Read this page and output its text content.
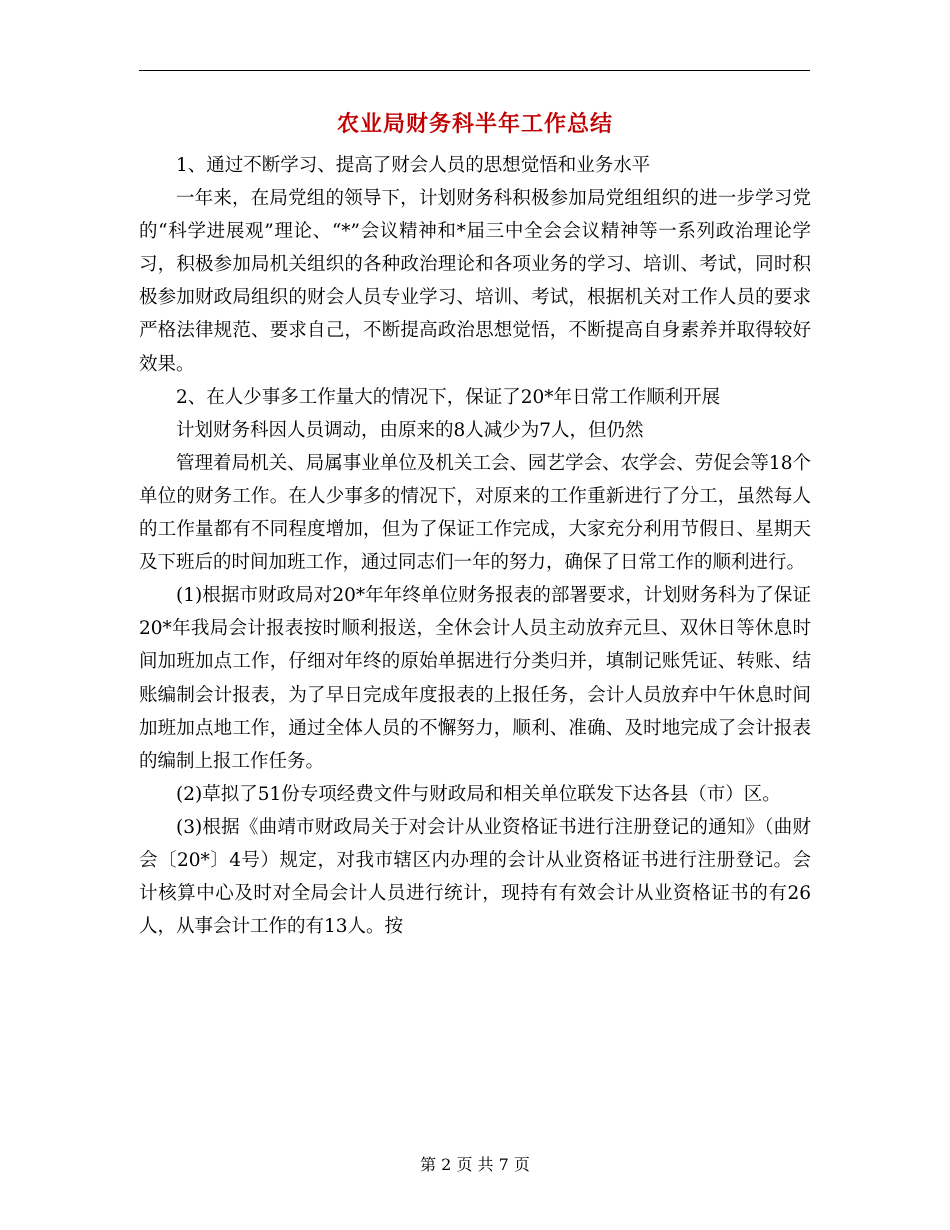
农业局财务科半年工作总结

1、通过不断学习、提高了财会人员的思想觉悟和业务水平

一年来，在局党组的领导下，计划财务科积极参加局党组组织的进一步学习党的“科学进展观”理论、“*”会议精神和*届三中全会会议精神等一系列政治理论学习，积极参加局机关组织的各种政治理论和各项业务的学习、培训、考试，同时积极参加财政局组织的财会人员专业学习、培训、考试，根据机关对工作人员的要求严格法律规范、要求自己，不断提高政治思想觉悟，不断提高自身素养并取得较好效果。

2、在人少事多工作量大的情况下，保证了20*年日常工作顺利开展

计划财务科因人员调动，由原来的8人减少为7人，但仍然

管理着局机关、局属事业单位及机关工会、园艺学会、农学会、劳促会等18个单位的财务工作。在人少事多的情况下，对原来的工作重新进行了分工，虽然每人的工作量都有不同程度增加，但为了保证工作完成，大家充分利用节假日、星期天及下班后的时间加班工作，通过同志们一年的努力，确保了日常工作的顺利进行。

(1)根据市财政局对20*年年终单位财务报表的部署要求，计划财务科为了保证20*年我局会计报表按时顺利报送，全休会计人员主动放弃元旦、双休日等休息时间加班加点工作，仔细对年终的原始单据进行分类归并，填制记账凭证、转账、结账编制会计报表，为了早日完成年度报表的上报任务，会计人员放弃中午休息时间加班加点地工作，通过全体人员的不懈努力，顺利、准确、及时地完成了会计报表的编制上报工作任务。

(2)草拟了51份专项经费文件与财政局和相关单位联发下达各县（市）区。

(3)根据《曲靖市财政局关于对会计从业资格证书进行注册登记的通知》（曲财会〔20*〕4号）规定，对我市辖区内办理的会计从业资格证书进行注册登记。会计核算中心及时对全局会计人员进行统计，现持有有效会计从业资格证书的有26人，从事会计工作的有13人。按

第 2 页 共 7 页
